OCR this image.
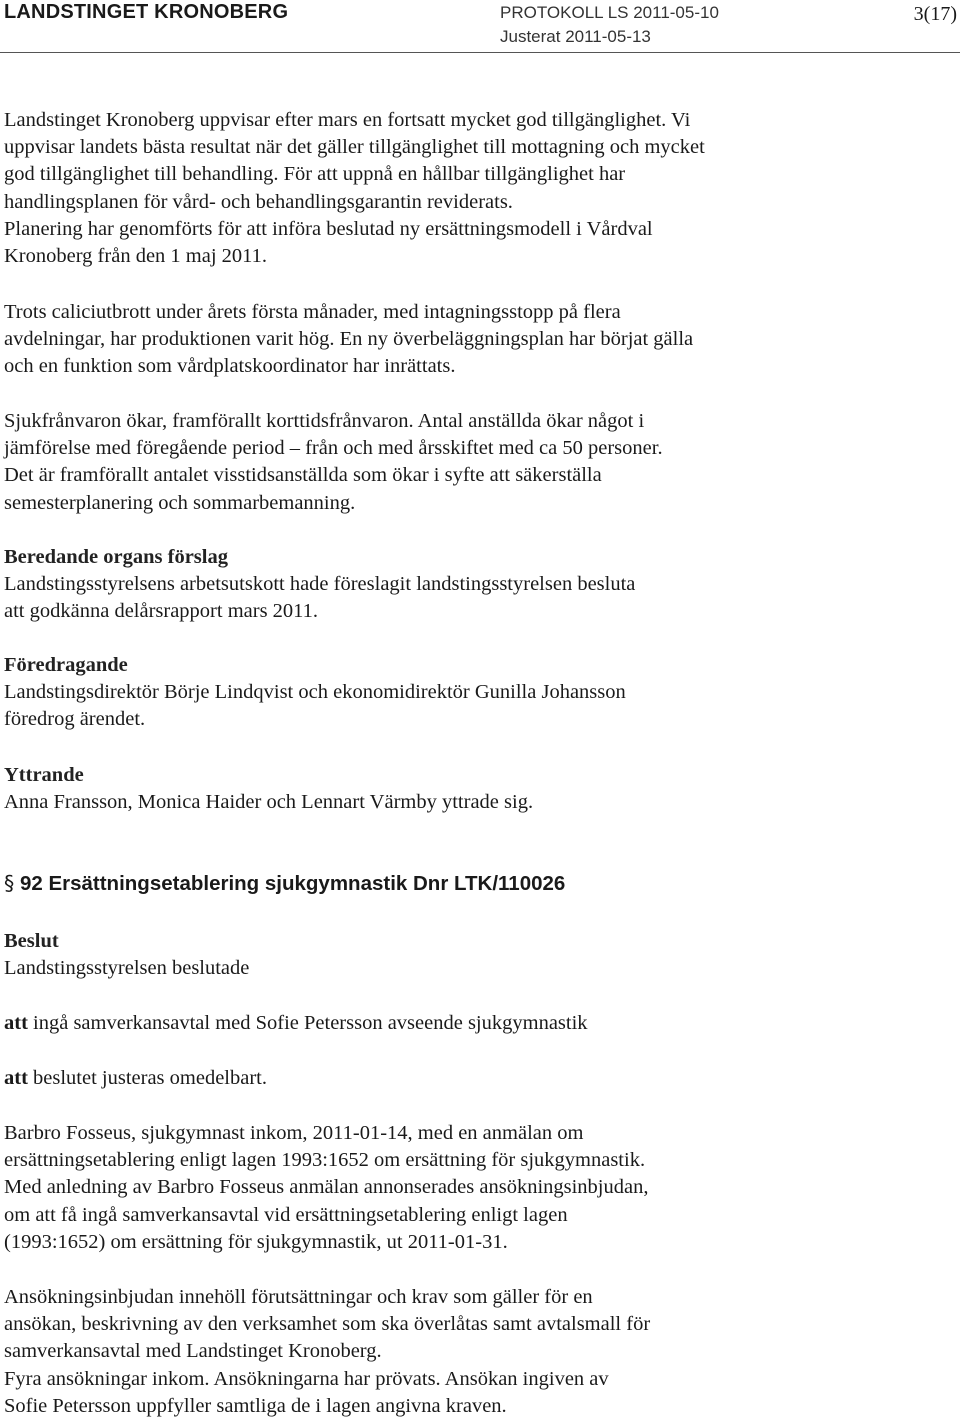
LANDSTINGET KRONOBERG	PROTOKOLL LS 2011-05-10
Justerat 2011-05-13
3(17)
Landstinget Kronoberg uppvisar efter mars en fortsatt mycket god tillgänglighet. Vi
uppvisar landets bästa resultat när det gäller tillgänglighet till mottagning och mycket
god tillgänglighet till behandling. För att uppnå en hållbar tillgänglighet har
handlingsplanen för vård- och behandlingsgarantin reviderats.
Planering har genomförts för att införa beslutad ny ersättningsmodell i Vårdval
Kronoberg från den 1 maj 2011.
Trots caliciutbrott under årets första månader, med intagningsstopp på flera
avdelningar, har produktionen varit hög. En ny överbeläggningsplan har börjat gälla
och en funktion som vårdplatskoordinator har inrättats.
Sjukfrånvaron ökar, framförallt korttidsfrånvaron. Antal anställda ökar något i
jämförelse med föregående period – från och med årsskiftet med ca 50 personer.
Det är framförallt antalet visstidsanställda som ökar i syfte att säkerställa
semesterplanering och sommarbemanning.
Beredande organs förslag
Landstingsstyrelsens arbetsutskott hade föreslagit landstingsstyrelsen besluta
att godkänna delårsrapport mars 2011.
Föredragande
Landstingsdirektör Börje Lindqvist och ekonomidirektör Gunilla Johansson
föredrog ärendet.
Yttrande
Anna Fransson, Monica Haider och Lennart Värmby yttrade sig.
§ 92 Ersättningsetablering sjukgymnastik Dnr LTK/110026
Beslut
Landstingsstyrelsen beslutade
att ingå samverkansavtal med Sofie Petersson avseende sjukgymnastik
att beslutet justeras omedelbart.
Barbro Fosseus, sjukgymnast inkom, 2011-01-14, med en anmälan om
ersättningsetablering enligt lagen 1993:1652 om ersättning för sjukgymnastik.
Med anledning av Barbro Fosseus anmälan annonserades ansökningsinbjudan,
om att få ingå samverkansavtal vid ersättningsetablering enligt lagen
(1993:1652) om ersättning för sjukgymnastik, ut 2011-01-31.
Ansökningsinbjudan innehöll förutsättningar och krav som gäller för en
ansökan, beskrivning av den verksamhet som ska överlåtas samt avtalsmall för
samverkansavtal med Landstinget Kronoberg.
Fyra ansökningar inkom. Ansökningarna har prövats. Ansökan ingiven av
Sofie Petersson uppfyller samtliga de i lagen angivna kraven.
